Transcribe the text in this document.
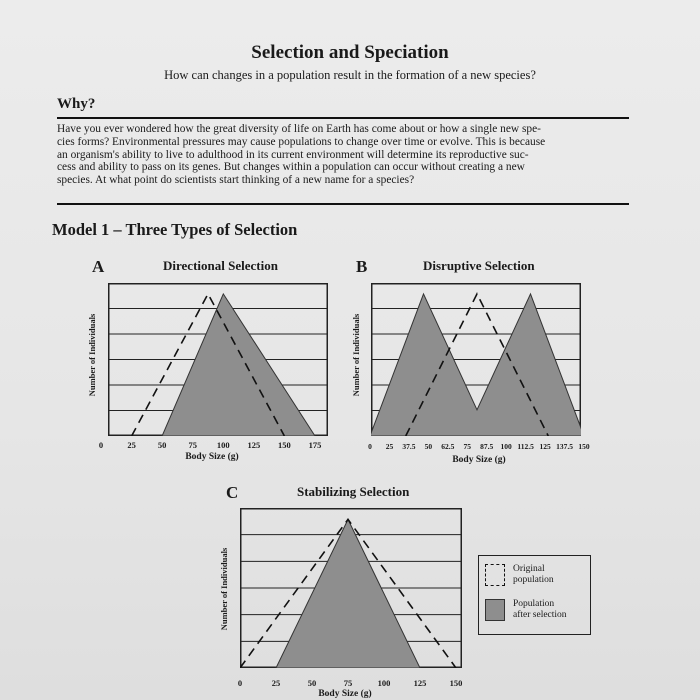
Selection and Speciation
How can changes in a population result in the formation of a new species?
Why?
Have you ever wondered how the great diversity of life on Earth has come about or how a single new spe-
cies forms? Environmental pressures may cause populations to change over time or evolve. This is because
an organism's ability to live to adulthood in its current environment will determine its reproductive suc-
cess and ability to pass on its genes. But changes within a population can occur without creating a new
species. At what point do scientists start thinking of a new name for a species?
Model 1 – Three Types of Selection
A	Directional Selection
Number of Individuals
0	25	50	75 100 125 150 175
Body Size (g)
B	Disruptive Selection
Number of Individuals
0 25 37.5 50 62.5 75 87.5 100 112.5 125 137.5 150
Body Size (g)
C	Stabilizing Selection
Number of Individuals
0	25	50	75	100	125	150
Body Size (g)
Original
population
Population
after selection
